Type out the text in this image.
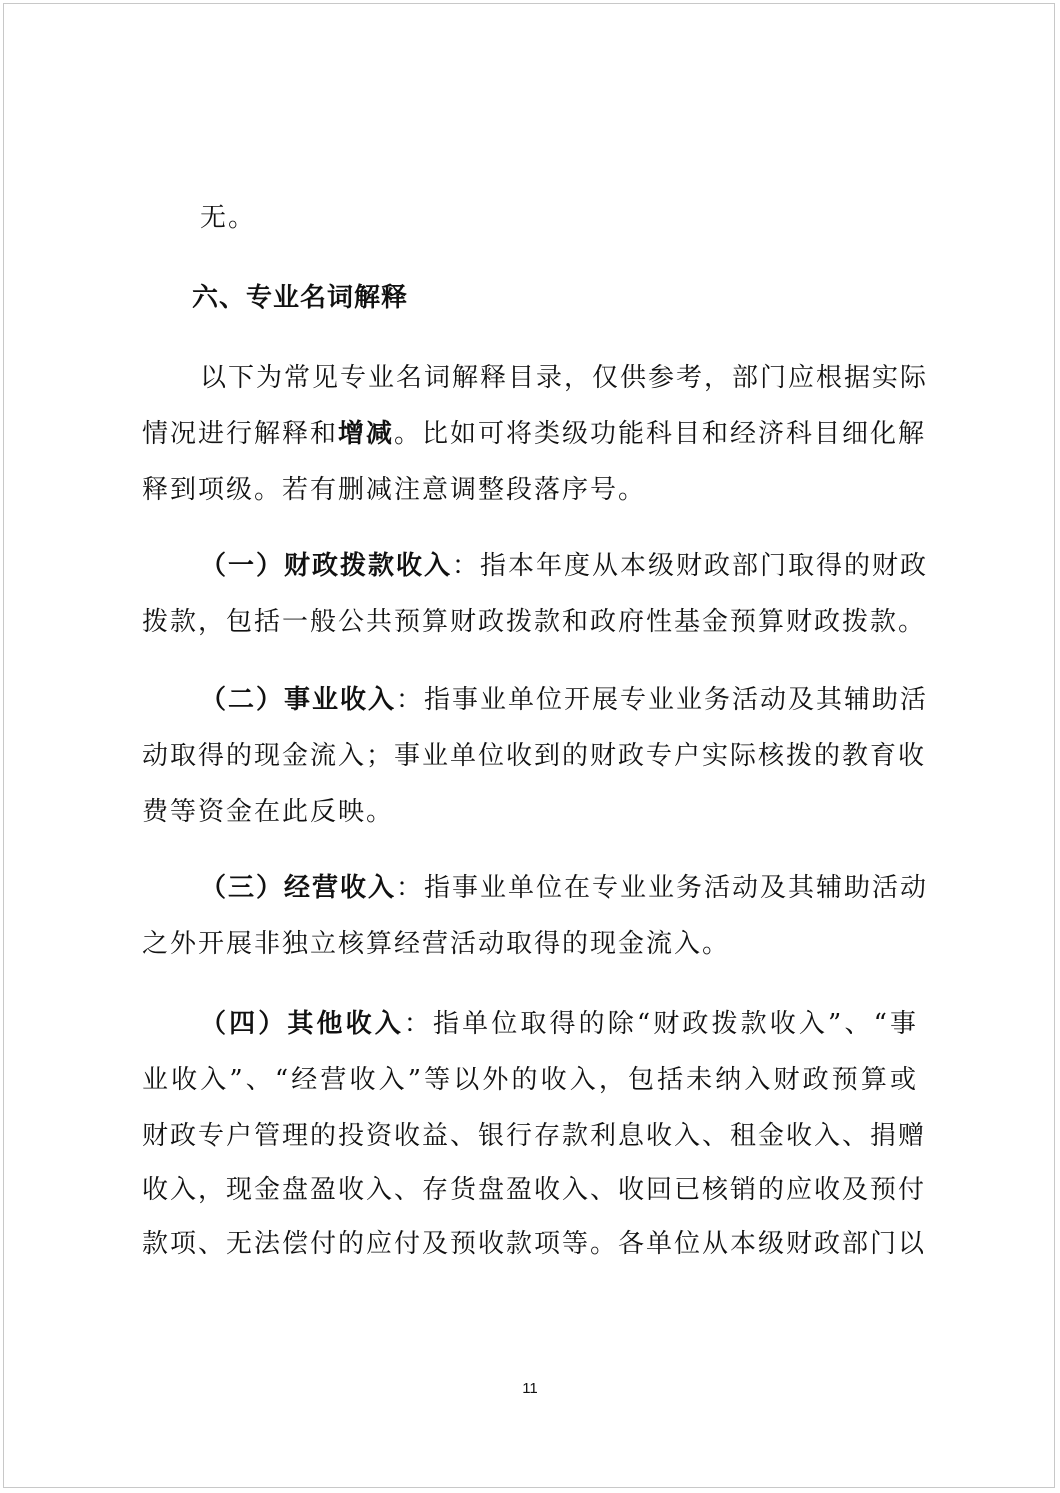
无。
以下为常见专业名词解释目录，仅供参考，部门应根据实际
情况进行解释和增减。比如可将类级功能科目和经济科目细化解
释到项级。若有删减注意调整段落序号。
（一）财政拨款收入：指本年度从本级财政部门取得的财政
拨款，包括一般公共预算财政拨款和政府性基金预算财政拨款。
（二）事业收入：指事业单位开展专业业务活动及其辅助活
动取得的现金流入；事业单位收到的财政专户实际核拨的教育收
费等资金在此反映。
（三）经营收入：指事业单位在专业业务活动及其辅助活动
之外开展非独立核算经营活动取得的现金流入。
（四）其他收入：指单位取得的除“财政拨款收入”、“事
业收入”、“经营收入”等以外的收入，包括未纳入财政预算或
财政专户管理的投资收益、银行存款利息收入、租金收入、捐赠
收入，现金盘盈收入、存货盘盈收入、收回已核销的应收及预付
款项、无法偿付的应付及预收款项等。各单位从本级财政部门以
六、专业名词解释
11
